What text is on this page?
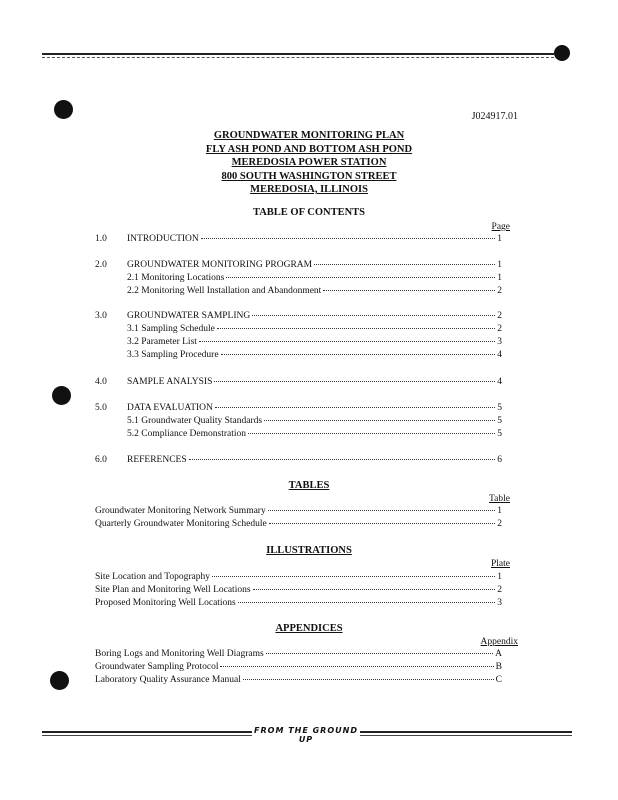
J024917.01
GROUNDWATER MONITORING PLAN
FLY ASH POND AND BOTTOM ASH POND
MEREDOSIA POWER STATION
800 SOUTH WASHINGTON STREET
MEREDOSIA, ILLINOIS
TABLE OF CONTENTS
Page
1.0 INTRODUCTION	1
2.0 GROUNDWATER MONITORING PROGRAM	1
2.1 Monitoring Locations	1
2.2 Monitoring Well Installation and Abandonment	2
3.0 GROUNDWATER SAMPLING	2
3.1 Sampling Schedule	2
3.2 Parameter List	3
3.3 Sampling Procedure	4
4.0 SAMPLE ANALYSIS	4
5.0 DATA EVALUATION	5
5.1 Groundwater Quality Standards	5
5.2 Compliance Demonstration	5
6.0 REFERENCES	6
TABLES
Table
Groundwater Monitoring Network Summary	1
Quarterly Groundwater Monitoring Schedule	2
ILLUSTRATIONS
Plate
Site Location and Topography	1
Site Plan and Monitoring Well Locations	2
Proposed Monitoring Well Locations	3
APPENDICES
Appendix
Boring Logs and Monitoring Well Diagrams	A
Groundwater Sampling Protocol	B
Laboratory Quality Assurance Manual	C
FROM THE GROUND UP
